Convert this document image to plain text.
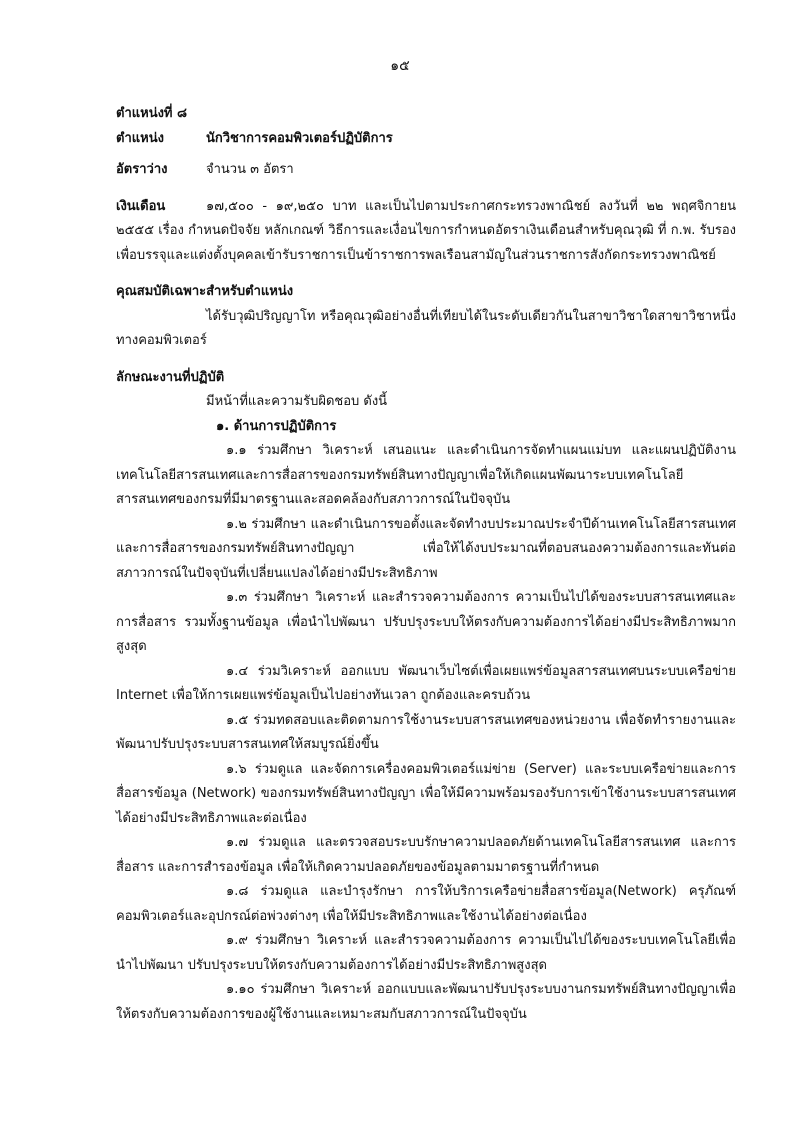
๑๕
ตำแหน่งที่ ๘
ตำแหน่ง	นักวิชาการคอมพิวเตอร์ปฏิบัติการ
อัตราว่าง	จำนวน ๓ อัตรา

เงินเดือน	๑๗,๕๐๐ - ๑๙,๒๕๐ บาท และเป็นไปตามประกาศกระทรวงพาณิชย์ ลงวันที่ ๒๒ พฤศจิกายน ๒๕๕๕ เรื่อง กำหนดปัจจัย หลักเกณฑ์ วิธีการและเงื่อนไขการกำหนดอัตราเงินเดือนสำหรับคุณวุฒิ ที่ ก.พ. รับรอง เพื่อบรรจุและแต่งตั้งบุคคลเข้ารับราชการเป็นข้าราชการพลเรือนสามัญในส่วนราชการสังกัดกระทรวงพาณิชย์

คุณสมบัติเฉพาะสำหรับตำแหน่ง

ได้รับวุฒิปริญญาโท หรือคุณวุฒิอย่างอื่นที่เทียบได้ในระดับเดียวกันในสาขาวิชาใดสาขาวิชาหนึ่งทางคอมพิวเตอร์

ลักษณะงานที่ปฏิบัติ
มีหน้าที่และความรับผิดชอบ ดังนี้
๑. ด้านการปฏิบัติการ

๑.๑ ร่วมศึกษา วิเคราะห์ เสนอแนะ และดำเนินการจัดทำแผนแม่บท และแผนปฏิบัติงานเทคโนโลยีสารสนเทศและการสื่อสารของกรมทรัพย์สินทางปัญญาเพื่อให้เกิดแผนพัฒนาระบบเทคโนโลยีสารสนเทศของกรมที่มีมาตรฐานและสอดคล้องกับสภาวการณ์ในปัจจุบัน

๑.๒ ร่วมศึกษา และดำเนินการขอตั้งและจัดทำงบประมาณประจำปีด้านเทคโนโลยีสารสนเทศและการสื่อสารของกรมทรัพย์สินทางปัญญา เพื่อให้ได้งบประมาณที่ตอบสนองความต้องการและทันต่อสภาวการณ์ในปัจจุบันที่เปลี่ยนแปลงได้อย่างมีประสิทธิภาพ

๑.๓ ร่วมศึกษา วิเคราะห์ และสำรวจความต้องการ ความเป็นไปได้ของระบบสารสนเทศและการสื่อสาร รวมทั้งฐานข้อมูล เพื่อนำไปพัฒนา ปรับปรุงระบบให้ตรงกับความต้องการได้อย่างมีประสิทธิภาพมากสูงสุด

๑.๔ ร่วมวิเคราะห์ ออกแบบ พัฒนาเว็บไซต์เพื่อเผยแพร่ข้อมูลสารสนเทศบนระบบเครือข่าย Internet เพื่อให้การเผยแพร่ข้อมูลเป็นไปอย่างทันเวลา ถูกต้องและครบถ้วน

๑.๕ ร่วมทดสอบและติดตามการใช้งานระบบสารสนเทศของหน่วยงาน เพื่อจัดทำรายงานและพัฒนาปรับปรุงระบบสารสนเทศให้สมบูรณ์ยิ่งขึ้น

๑.๖ ร่วมดูแล และจัดการเครื่องคอมพิวเตอร์แม่ข่าย (Server) และระบบเครือข่ายและการสื่อสารข้อมูล (Network) ของกรมทรัพย์สินทางปัญญา เพื่อให้มีความพร้อมรองรับการเข้าใช้งานระบบสารสนเทศได้อย่างมีประสิทธิภาพและต่อเนื่อง

๑.๗ ร่วมดูแล และตรวจสอบระบบรักษาความปลอดภัยด้านเทคโนโลยีสารสนเทศ และการสื่อสาร และการสำรองข้อมูล เพื่อให้เกิดความปลอดภัยของข้อมูลตามมาตรฐานที่กำหนด

๑.๘ ร่วมดูแล และบำรุงรักษา การให้บริการเครือข่ายสื่อสารข้อมูล(Network) ครุภัณฑ์คอมพิวเตอร์และอุปกรณ์ต่อพ่วงต่างๆ เพื่อให้มีประสิทธิภาพและใช้งานได้อย่างต่อเนื่อง

๑.๙ ร่วมศึกษา วิเคราะห์ และสำรวจความต้องการ ความเป็นไปได้ของระบบเทคโนโลยีเพื่อนำไปพัฒนา ปรับปรุงระบบให้ตรงกับความต้องการได้อย่างมีประสิทธิภาพสูงสุด

๑.๑๐ ร่วมศึกษา วิเคราะห์ ออกแบบและพัฒนาปรับปรุงระบบงานกรมทรัพย์สินทางปัญญาเพื่อให้ตรงกับความต้องการของผู้ใช้งานและเหมาะสมกับสภาวการณ์ในปัจจุบัน
